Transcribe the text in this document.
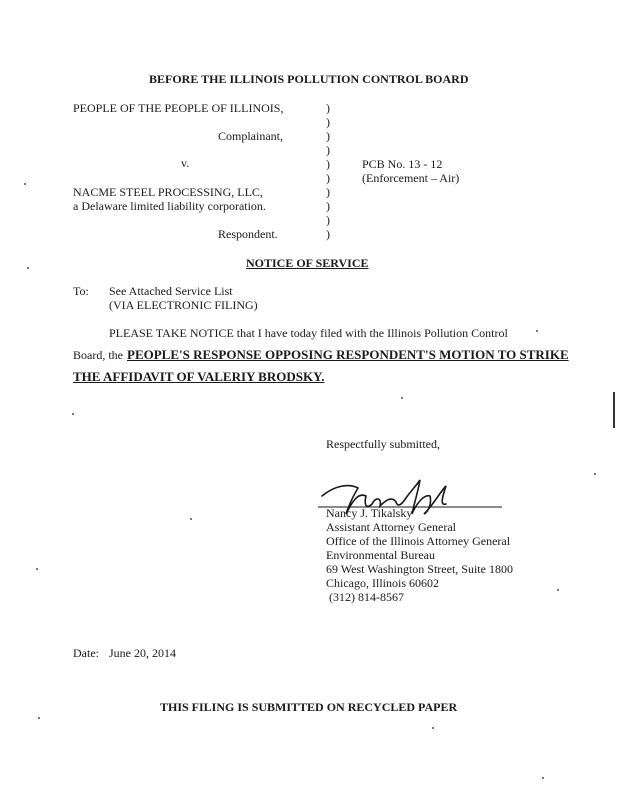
BEFORE THE ILLINOIS POLLUTION CONTROL BOARD
PEOPLE OF THE PEOPLE OF ILLINOIS,
Complainant,
v.
NACME STEEL PROCESSING, LLC,
a Delaware limited liability corporation.
Respondent.
)
)
)
)
)
)
)
)
)
)
PCB No. 13 - 12
(Enforcement – Air)
NOTICE OF SERVICE
To: See Attached Service List
(VIA ELECTRONIC FILING)
PLEASE TAKE NOTICE that I have today filed with the Illinois Pollution Control
Board, the PEOPLE'S RESPONSE OPPOSING RESPONDENT'S MOTION TO STRIKE
THE AFFIDAVIT OF VALERIY BRODSKY.
Respectfully submitted,
Nancy J. Tikalsky
Assistant Attorney General
Office of the Illinois Attorney General
Environmental Bureau
69 West Washington Street, Suite 1800
Chicago, Illinois 60602
(312) 814-8567
Date: June 20, 2014
THIS FILING IS SUBMITTED ON RECYCLED PAPER
